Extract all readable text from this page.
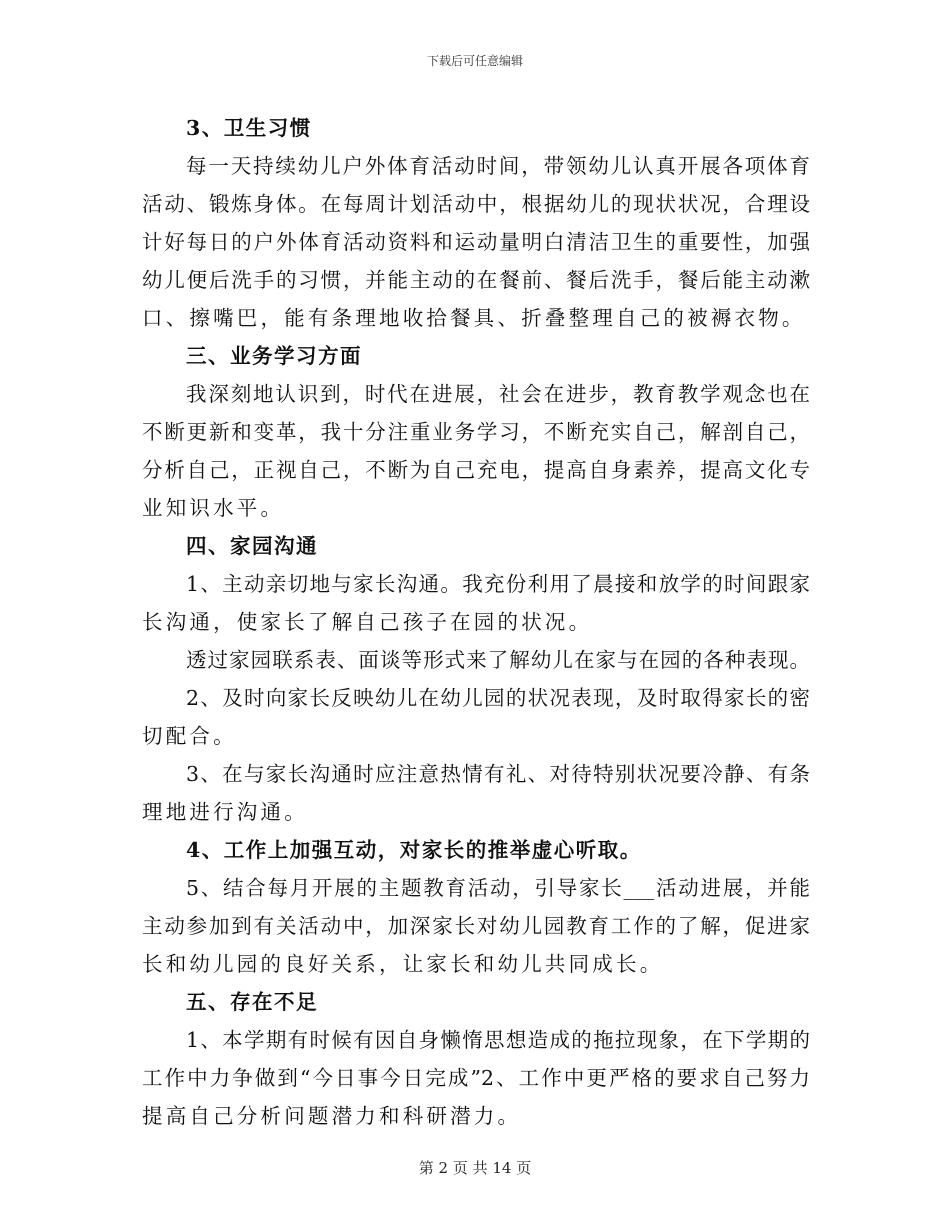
下载后可任意编辑
3、卫生习惯
每一天持续幼儿户外体育活动时间，带领幼儿认真开展各项体育
活动、锻炼身体。在每周计划活动中，根据幼儿的现状状况，合理设
计好每日的户外体育活动资料和运动量明白清洁卫生的重要性，加强
幼儿便后洗手的习惯，并能主动的在餐前、餐后洗手，餐后能主动漱
口、擦嘴巴，能有条理地收拾餐具、折叠整理自己的被褥衣物。
三、业务学习方面
我深刻地认识到，时代在进展，社会在进步，教育教学观念也在
不断更新和变革，我十分注重业务学习，不断充实自己，解剖自己，
分析自己，正视自己，不断为自己充电，提高自身素养，提高文化专
业知识水平。
四、家园沟通
1、主动亲切地与家长沟通。我充份利用了晨接和放学的时间跟家
长沟通，使家长了解自己孩子在园的状况。
透过家园联系表、面谈等形式来了解幼儿在家与在园的各种表现。
2、及时向家长反映幼儿在幼儿园的状况表现，及时取得家长的密
切配合。
3、在与家长沟通时应注意热情有礼、对待特别状况要冷静、有条
理地进行沟通。
4、工作上加强互动，对家长的推举虚心听取。
5、结合每月开展的主题教育活动，引导家长___活动进展，并能
主动参加到有关活动中，加深家长对幼儿园教育工作的了解，促进家
长和幼儿园的良好关系，让家长和幼儿共同成长。
五、存在不足
1、本学期有时候有因自身懒惰思想造成的拖拉现象，在下学期的
工作中力争做到“今日事今日完成”2、工作中更严格的要求自己努力
提高自己分析问题潜力和科研潜力。
第 2 页 共 14 页
